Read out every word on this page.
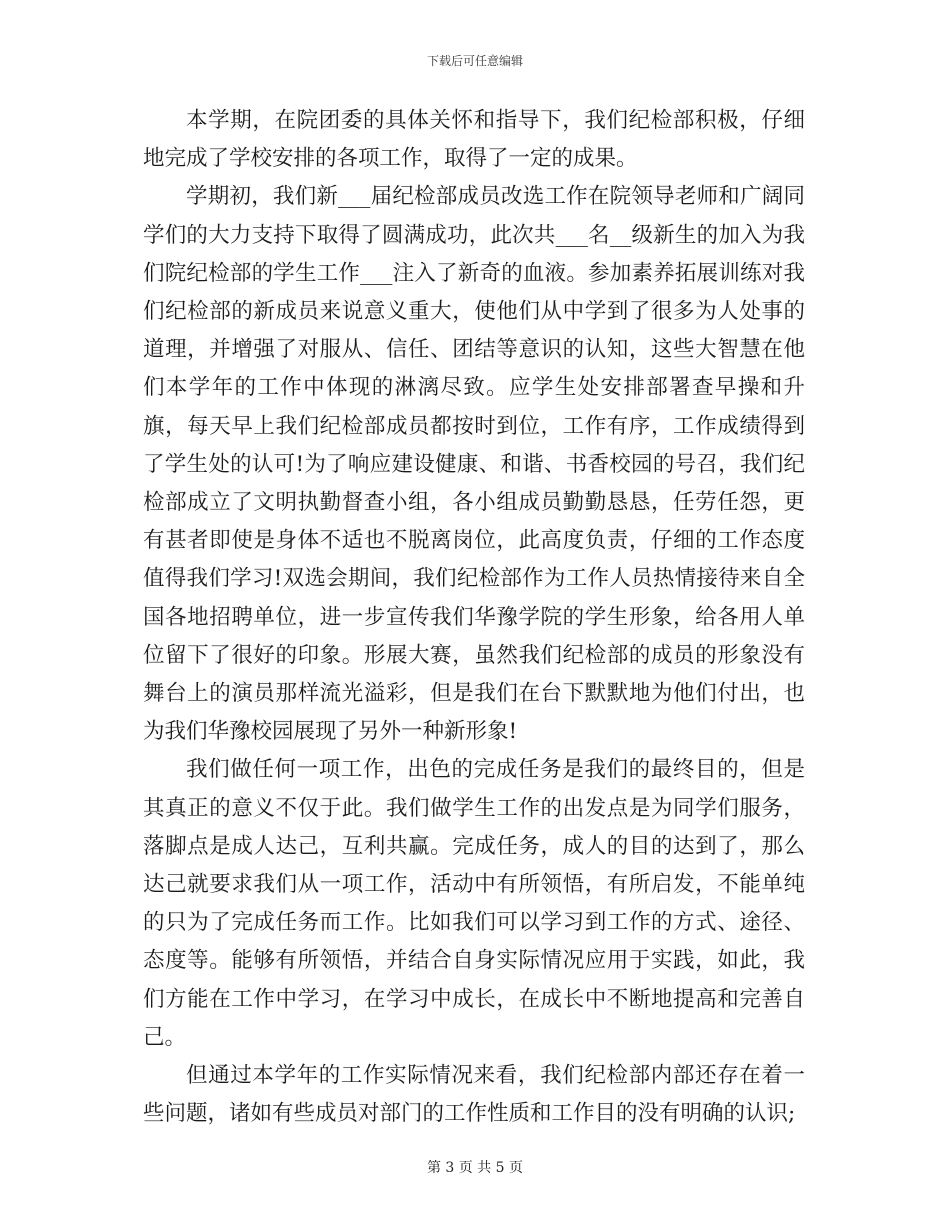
下载后可任意编辑

本学期，在院团委的具体关怀和指导下，我们纪检部积极，仔细地完成了学校安排的各项工作，取得了一定的成果。

学期初，我们新___届纪检部成员改选工作在院领导老师和广阔同学们的大力支持下取得了圆满成功，此次共___名__级新生的加入为我们院纪检部的学生工作___注入了新奇的血液。参加素养拓展训练对我们纪检部的新成员来说意义重大，使他们从中学到了很多为人处事的道理，并增强了对服从、信任、团结等意识的认知，这些大智慧在他们本学年的工作中体现的淋漓尽致。应学生处安排部署查早操和升旗，每天早上我们纪检部成员都按时到位，工作有序，工作成绩得到了学生处的认可!为了响应建设健康、和谐、书香校园的号召，我们纪检部成立了文明执勤督查小组，各小组成员勤勤恳恳，任劳任怨，更有甚者即使是身体不适也不脱离岗位，此高度负责，仔细的工作态度值得我们学习!双选会期间，我们纪检部作为工作人员热情接待来自全国各地招聘单位，进一步宣传我们华豫学院的学生形象，给各用人单位留下了很好的印象。形展大赛，虽然我们纪检部的成员的形象没有舞台上的演员那样流光溢彩，但是我们在台下默默地为他们付出，也为我们华豫校园展现了另外一种新形象!

我们做任何一项工作，出色的完成任务是我们的最终目的，但是其真正的意义不仅于此。我们做学生工作的出发点是为同学们服务，落脚点是成人达己，互利共赢。完成任务，成人的目的达到了，那么达己就要求我们从一项工作，活动中有所领悟，有所启发，不能单纯的只为了完成任务而工作。比如我们可以学习到工作的方式、途径、态度等。能够有所领悟，并结合自身实际情况应用于实践，如此，我们方能在工作中学习，在学习中成长，在成长中不断地提高和完善自己。

但通过本学年的工作实际情况来看，我们纪检部内部还存在着一些问题，诸如有些成员对部门的工作性质和工作目的没有明确的认识;

第 3 页 共 5 页
